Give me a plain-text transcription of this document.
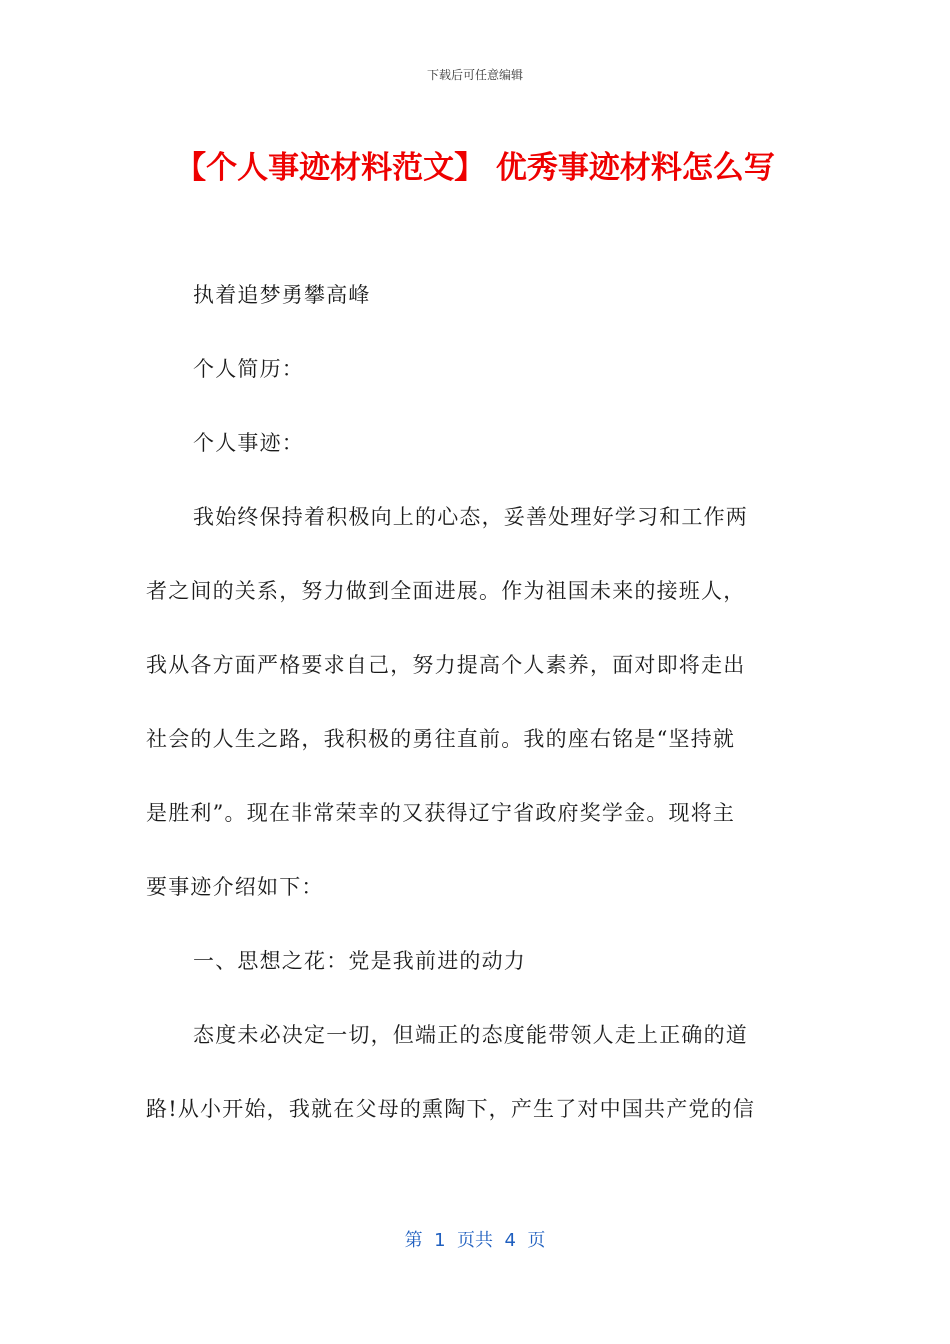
下载后可任意编辑
【个人事迹材料范文】 优秀事迹材料怎么写
执着追梦勇攀高峰
个人简历：
个人事迹：
我始终保持着积极向上的心态，妥善处理好学习和工作两
者之间的关系，努力做到全面进展。作为祖国未来的接班人，
我从各方面严格要求自己，努力提高个人素养，面对即将走出
社会的人生之路，我积极的勇往直前。我的座右铭是“坚持就
是胜利”。现在非常荣幸的又获得辽宁省政府奖学金。现将主
要事迹介绍如下：
一、思想之花：党是我前进的动力
态度未必决定一切，但端正的态度能带领人走上正确的道
路!从小开始，我就在父母的熏陶下，产生了对中国共产党的信
第  1  页共  4  页
